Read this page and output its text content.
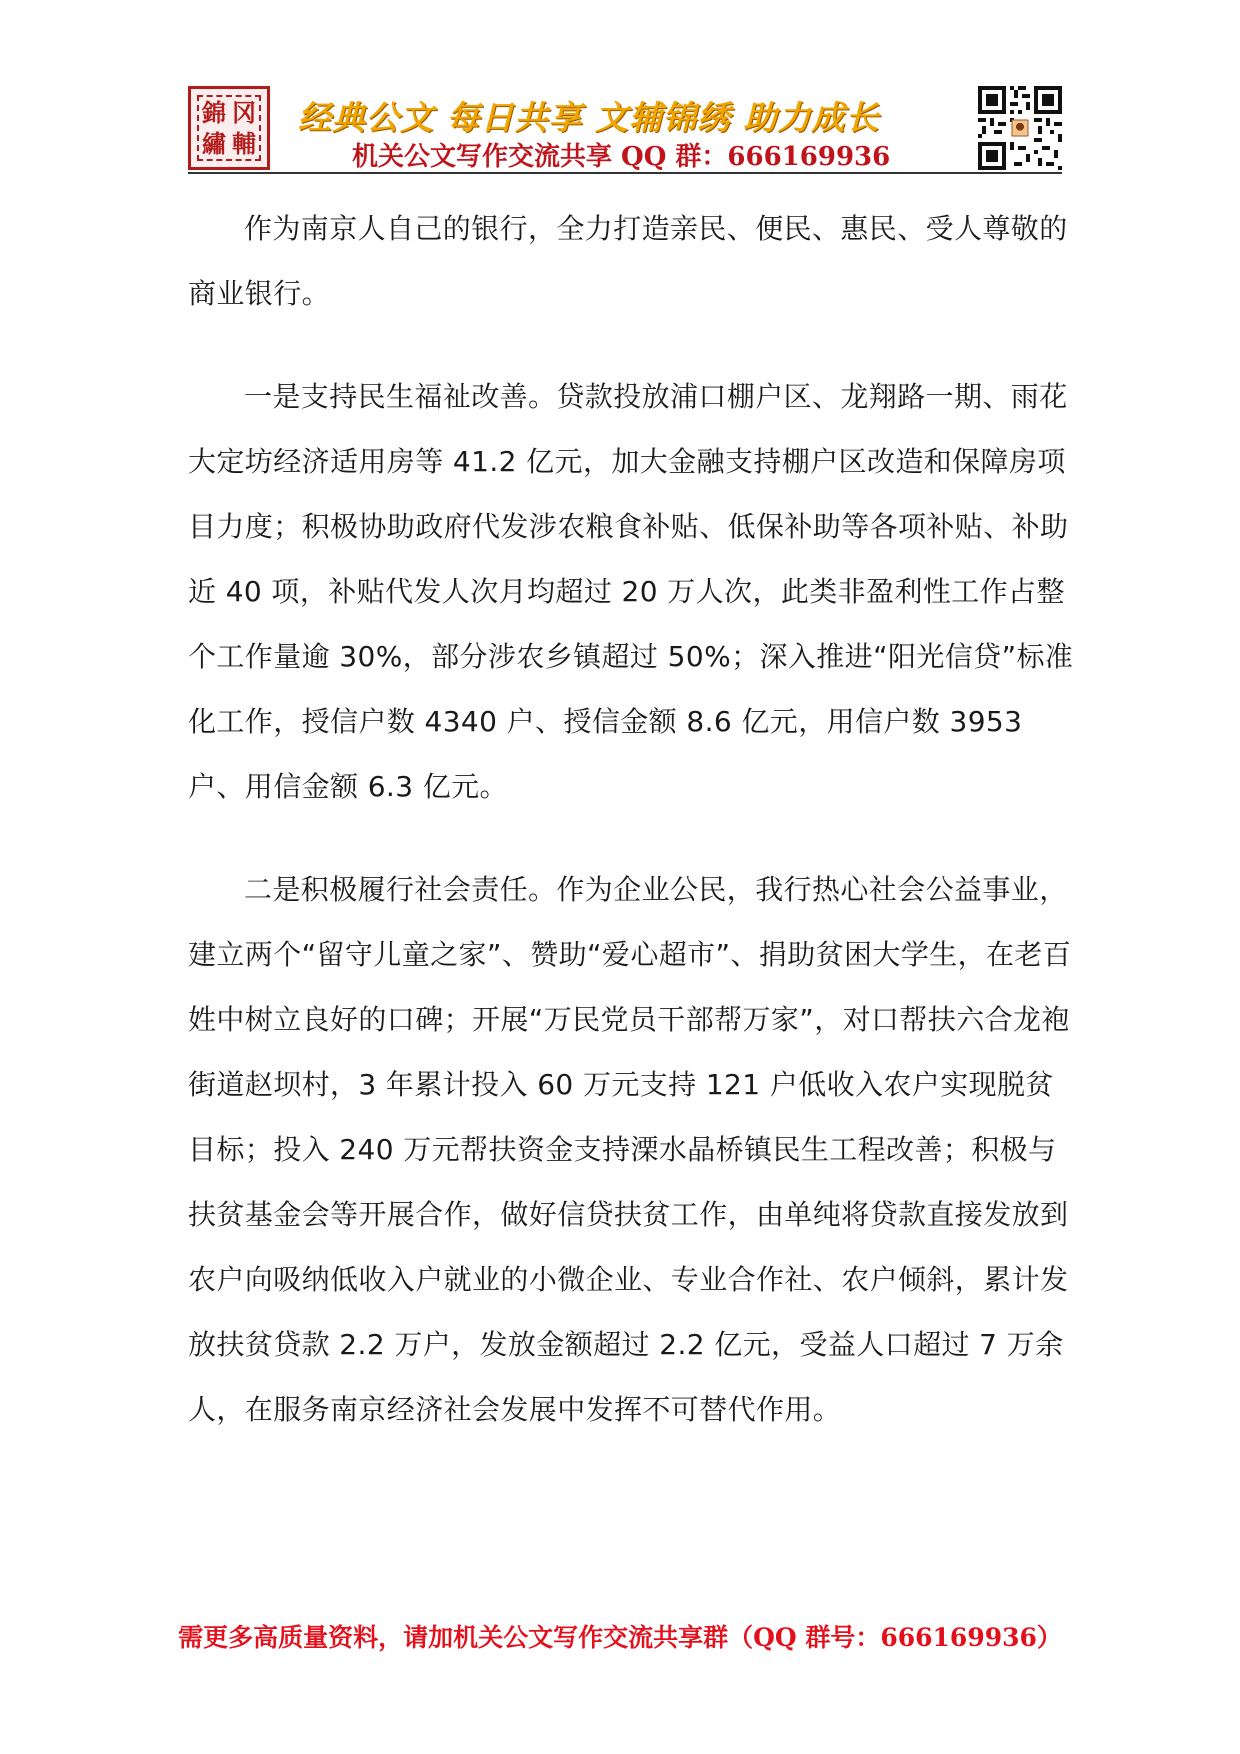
錦 冈
繡 輔
经典公文 每日共享 文辅锦绣 助力成长
机关公文写作交流共享 QQ 群：666169936

作为南京人自己的银行，全力打造亲民、便民、惠民、受人尊敬的商业银行。

一是支持民生福祉改善。贷款投放浦口棚户区、龙翔路一期、雨花大定坊经济适用房等 41.2 亿元，加大金融支持棚户区改造和保障房项目力度；积极协助政府代发涉农粮食补贴、低保补助等各项补贴、补助近 40 项，补贴代发人次月均超过 20 万人次，此类非盈利性工作占整个工作量逾 30%，部分涉农乡镇超过 50%；深入推进“阳光信贷”标准化工作，授信户数 4340 户、授信金额 8.6 亿元，用信户数 3953 户、用信金额 6.3 亿元。

二是积极履行社会责任。作为企业公民，我行热心社会公益事业，建立两个“留守儿童之家”、赞助“爱心超市”、捐助贫困大学生，在老百姓中树立良好的口碑；开展“万民党员干部帮万家”，对口帮扶六合龙袍街道赵坝村，3 年累计投入 60 万元支持 121 户低收入农户实现脱贫目标；投入 240 万元帮扶资金支持溧水晶桥镇民生工程改善；积极与扶贫基金会等开展合作，做好信贷扶贫工作，由单纯将贷款直接发放到农户向吸纳低收入户就业的小微企业、专业合作社、农户倾斜，累计发放扶贫贷款 2.2 万户，发放金额超过 2.2 亿元，受益人口超过 7 万余人，在服务南京经济社会发展中发挥不可替代作用。

需更多高质量资料，请加机关公文写作交流共享群（QQ 群号：666169936）
